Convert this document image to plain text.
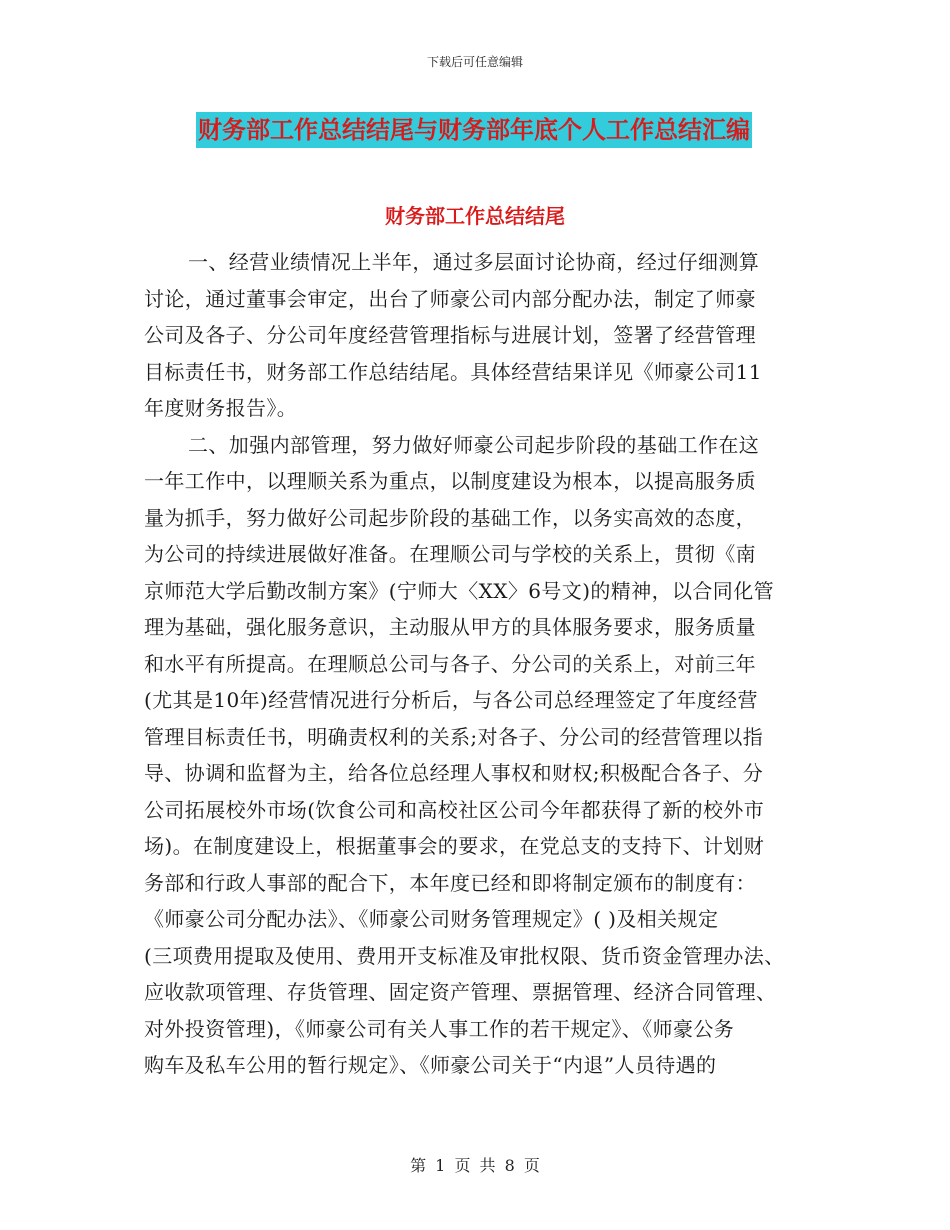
下载后可任意编辑
财务部工作总结结尾与财务部年底个人工作总结汇编
财务部工作总结结尾
一、经营业绩情况上半年，通过多层面讨论协商，经过仔细测算
讨论，通过董事会审定，出台了师豪公司内部分配办法，制定了师豪
公司及各子、分公司年度经营管理指标与进展计划，签署了经营管理
目标责任书，财务部工作总结结尾。具体经营结果详见《师豪公司11
年度财务报告》。
二、加强内部管理，努力做好师豪公司起步阶段的基础工作在这
一年工作中，以理顺关系为重点，以制度建设为根本，以提高服务质
量为抓手，努力做好公司起步阶段的基础工作，以务实高效的态度，
为公司的持续进展做好准备。在理顺公司与学校的关系上，贯彻《南
京师范大学后勤改制方案》(宁师大〈XX〉6号文)的精神，以合同化管
理为基础，强化服务意识，主动服从甲方的具体服务要求，服务质量
和水平有所提高。在理顺总公司与各子、分公司的关系上，对前三年
(尤其是10年)经营情况进行分析后，与各公司总经理签定了年度经营
管理目标责任书，明确责权利的关系;对各子、分公司的经营管理以指
导、协调和监督为主，给各位总经理人事权和财权;积极配合各子、分
公司拓展校外市场(饮食公司和高校社区公司今年都获得了新的校外市
场)。在制度建设上，根据董事会的要求，在党总支的支持下、计划财
务部和行政人事部的配合下，本年度已经和即将制定颁布的制度有：
《师豪公司分配办法》、《师豪公司财务管理规定》( )及相关规定
(三项费用提取及使用、费用开支标准及审批权限、货币资金管理办法、
应收款项管理、存货管理、固定资产管理、票据管理、经济合同管理、
对外投资管理)，《师豪公司有关人事工作的若干规定》、《师豪公务
购车及私车公用的暂行规定》、《师豪公司关于“内退”人员待遇的
第 1 页 共 8 页
